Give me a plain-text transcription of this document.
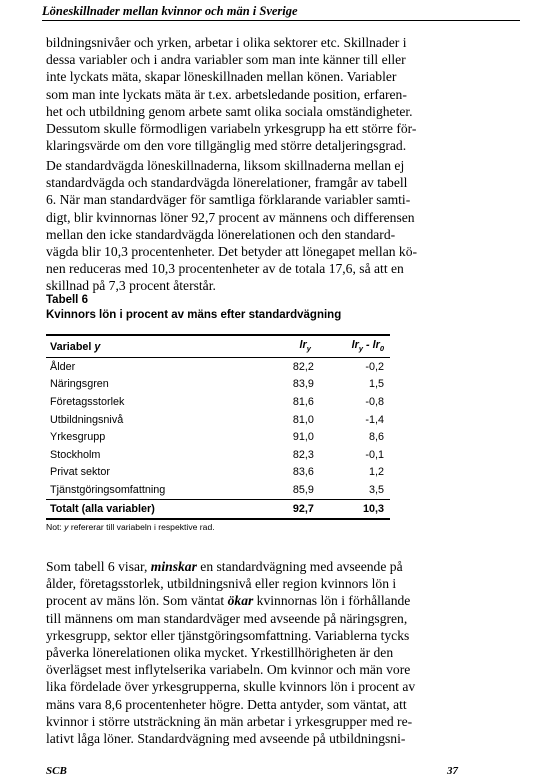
Löneskillnader mellan kvinnor och män i Sverige
bildningsnivåer och yrken, arbetar i olika sektorer etc. Skillnader i
dessa variabler och i andra variabler som man inte känner till eller
inte lyckats mäta, skapar löneskillnaden mellan könen. Variabler
som man inte lyckats mäta är t.ex. arbetsledande position, erfaren-
het och utbildning genom arbete samt olika sociala omständigheter.
Dessutom skulle förmodligen variabeln yrkesgrupp ha ett större för-
klaringsvärde om den vore tillgänglig med större detaljeringsgrad.
De standardvägda löneskillnaderna, liksom skillnaderna mellan ej
standardvägda och standardvägda lönerelationer, framgår av tabell
6. När man standardväger för samtliga förklarande variabler samti-
digt, blir kvinnornas löner 92,7 procent av männens och differensen
mellan den icke standardvägda lönerelationen och den standard-
vägda blir 10,3 procentenheter. Det betyder att lönegapet mellan kö-
nen reduceras med 10,3 procentenheter av de totala 17,6, så att en
skillnad på 7,3 procent återstår.
Tabell 6
Kvinnors lön i procent av mäns efter standardvägning
Variabel y	$lr_y$	$lr_y - lr_0$
Ålder	82,2	-0,2
Näringsgren	83,9	1,5
Företagsstorlek	81,6	-0,8
Utbildningsnivå	81,0	-1,4
Yrkesgrupp	91,0	8,6
Stockholm	82,3	-0,1
Privat sektor	83,6	1,2
Tjänstgöringsomfattning	85,9	3,5
Totalt (alla variabler)	92,7	10,3
Not: y refererar till variabeln i respektive rad.
Som tabell 6 visar, minskar en standardvägning med avseende på
ålder, företagsstorlek, utbildningsnivå eller region kvinnors lön i
procent av mäns lön. Som väntat ökar kvinnornas lön i förhållande
till männens om man standardväger med avseende på näringsgren,
yrkesgrupp, sektor eller tjänstgöringsomfattning. Variablerna tycks
påverka lönerelationen olika mycket. Yrkestillhörigheten är den
överlägset mest inflytelserika variabeln. Om kvinnor och män vore
lika fördelade över yrkesgrupperna, skulle kvinnors lön i procent av
mäns vara 8,6 procentenheter högre. Detta antyder, som väntat, att
kvinnor i större utsträckning än män arbetar i yrkesgrupper med re-
lativt låga löner. Standardvägning med avseende på utbildningsni-
SCB	37
